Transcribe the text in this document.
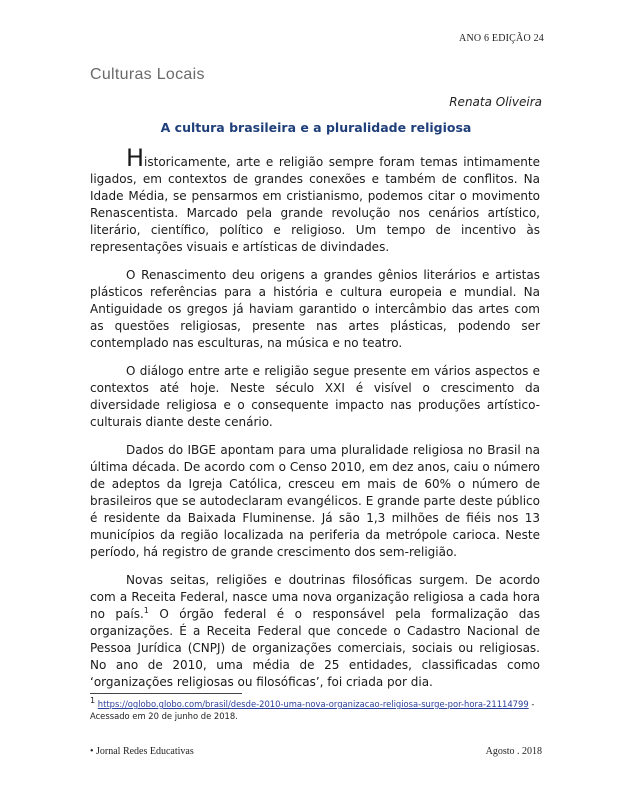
ANO 6 EDIÇÃO 24
Culturas Locais
Renata Oliveira
A cultura brasileira e a pluralidade religiosa

Historicamente, arte e religião sempre foram temas intimamente ligados, em contextos de grandes conexões e também de conflitos. Na Idade Média, se pensarmos em cristianismo, podemos citar o movimento Renascentista. Marcado pela grande revolução nos cenários artístico, literário, científico, político e religioso. Um tempo de incentivo às representações visuais e artísticas de divindades.

O Renascimento deu origens a grandes gênios literários e artistas plásticos referências para a história e cultura europeia e mundial. Na Antiguidade os gregos já haviam garantido o intercâmbio das artes com as questões religiosas, presente nas artes plásticas, podendo ser contemplado nas esculturas, na música e no teatro.

O diálogo entre arte e religião segue presente em vários aspectos e contextos até hoje. Neste século XXI é visível o crescimento da diversidade religiosa e o consequente impacto nas produções artístico-culturais diante deste cenário.

Dados do IBGE apontam para uma pluralidade religiosa no Brasil na última década. De acordo com o Censo 2010, em dez anos, caiu o número de adeptos da Igreja Católica, cresceu em mais de 60% o número de brasileiros que se autodeclaram evangélicos. E grande parte deste público é residente da Baixada Fluminense. Já são 1,3 milhões de fiéis nos 13 municípios da região localizada na periferia da metrópole carioca. Neste período, há registro de grande crescimento dos sem-religião.

Novas seitas, religiões e doutrinas filosóficas surgem. De acordo com a Receita Federal, nasce uma nova organização religiosa a cada hora no país.$^1$ O órgão federal é o responsável pela formalização das organizações. É a Receita Federal que concede o Cadastro Nacional de Pessoa Jurídica (CNPJ) de organizações comerciais, sociais ou religiosas. No ano de 2010, uma média de 25 entidades, classificadas como ‘organizações religiosas ou filosóficas’, foi criada por dia.

$^1$ https://oglobo.globo.com/brasil/desde-2010-uma-nova-organizacao-religiosa-surge-por-hora-21114799 - Acessado em 20 de junho de 2018.
• Jornal Redes Educativas	Agosto . 2018
